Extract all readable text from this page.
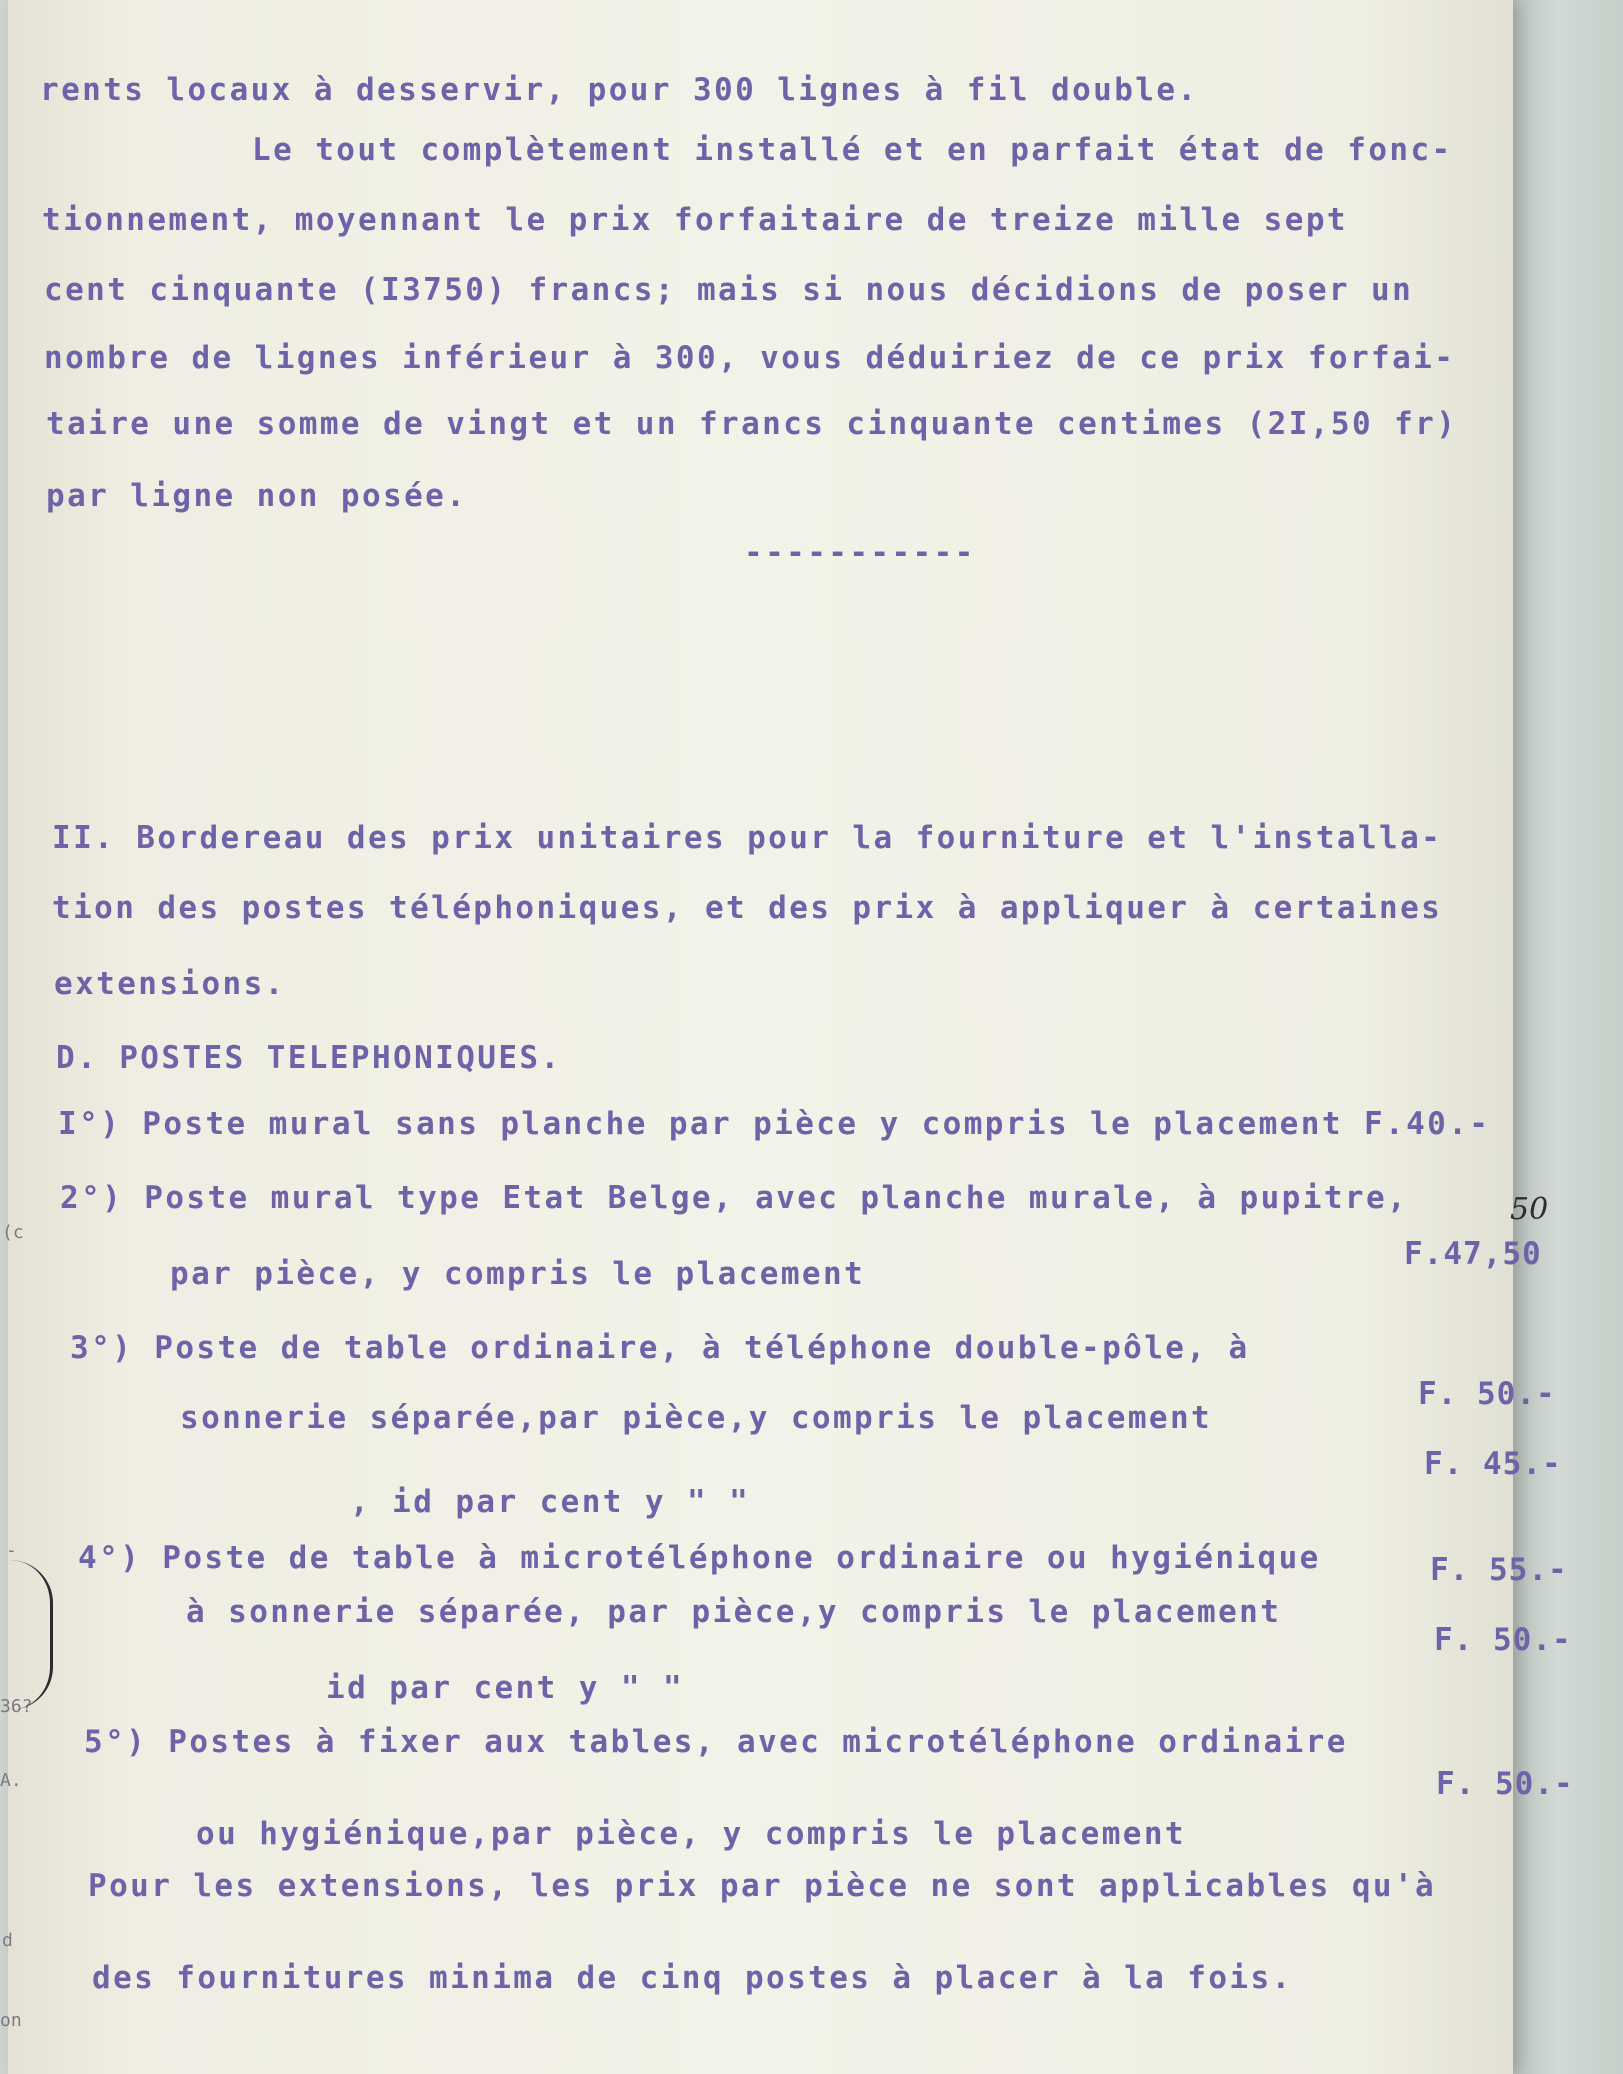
rents locaux à desservir, pour 300 lignes à fil double.
Le tout complètement installé et en parfait état de fonc-
tionnement, moyennant le prix forfaitaire de treize mille sept
cent cinquante (I3750) francs; mais si nous décidions de poser un
nombre de lignes inférieur à 300, vous déduiriez de ce prix forfai-
taire une somme de vingt et un francs cinquante centimes (2I,50 fr)
par ligne non posée.
-----------
II. Bordereau des prix unitaires pour la fourniture et l'installa-
tion des postes téléphoniques, et des prix à appliquer à certaines
extensions.
D. POSTES TELEPHONIQUES.
I°) Poste mural sans planche par pièce y compris le placement F.40.-
2°) Poste mural type Etat Belge, avec planche murale, à pupitre,
par pièce, y compris le placement
F.47,50
50
3°) Poste de table ordinaire, à téléphone double-pôle, à
sonnerie séparée,par pièce,y compris le placement
F. 50.-
, id par cent y " "
F. 45.-
4°) Poste de table à microtéléphone ordinaire ou hygiénique
à sonnerie séparée, par pièce,y compris le placement
F. 55.-
id par cent y " "
F. 50.-
5°) Postes à fixer aux tables, avec microtéléphone ordinaire
ou hygiénique,par pièce, y compris le placement
F. 50.-
Pour les extensions, les prix par pièce ne sont applicables qu'à
des fournitures minima de cinq postes à placer à la fois.
(c
-
36?
A.
d
on
